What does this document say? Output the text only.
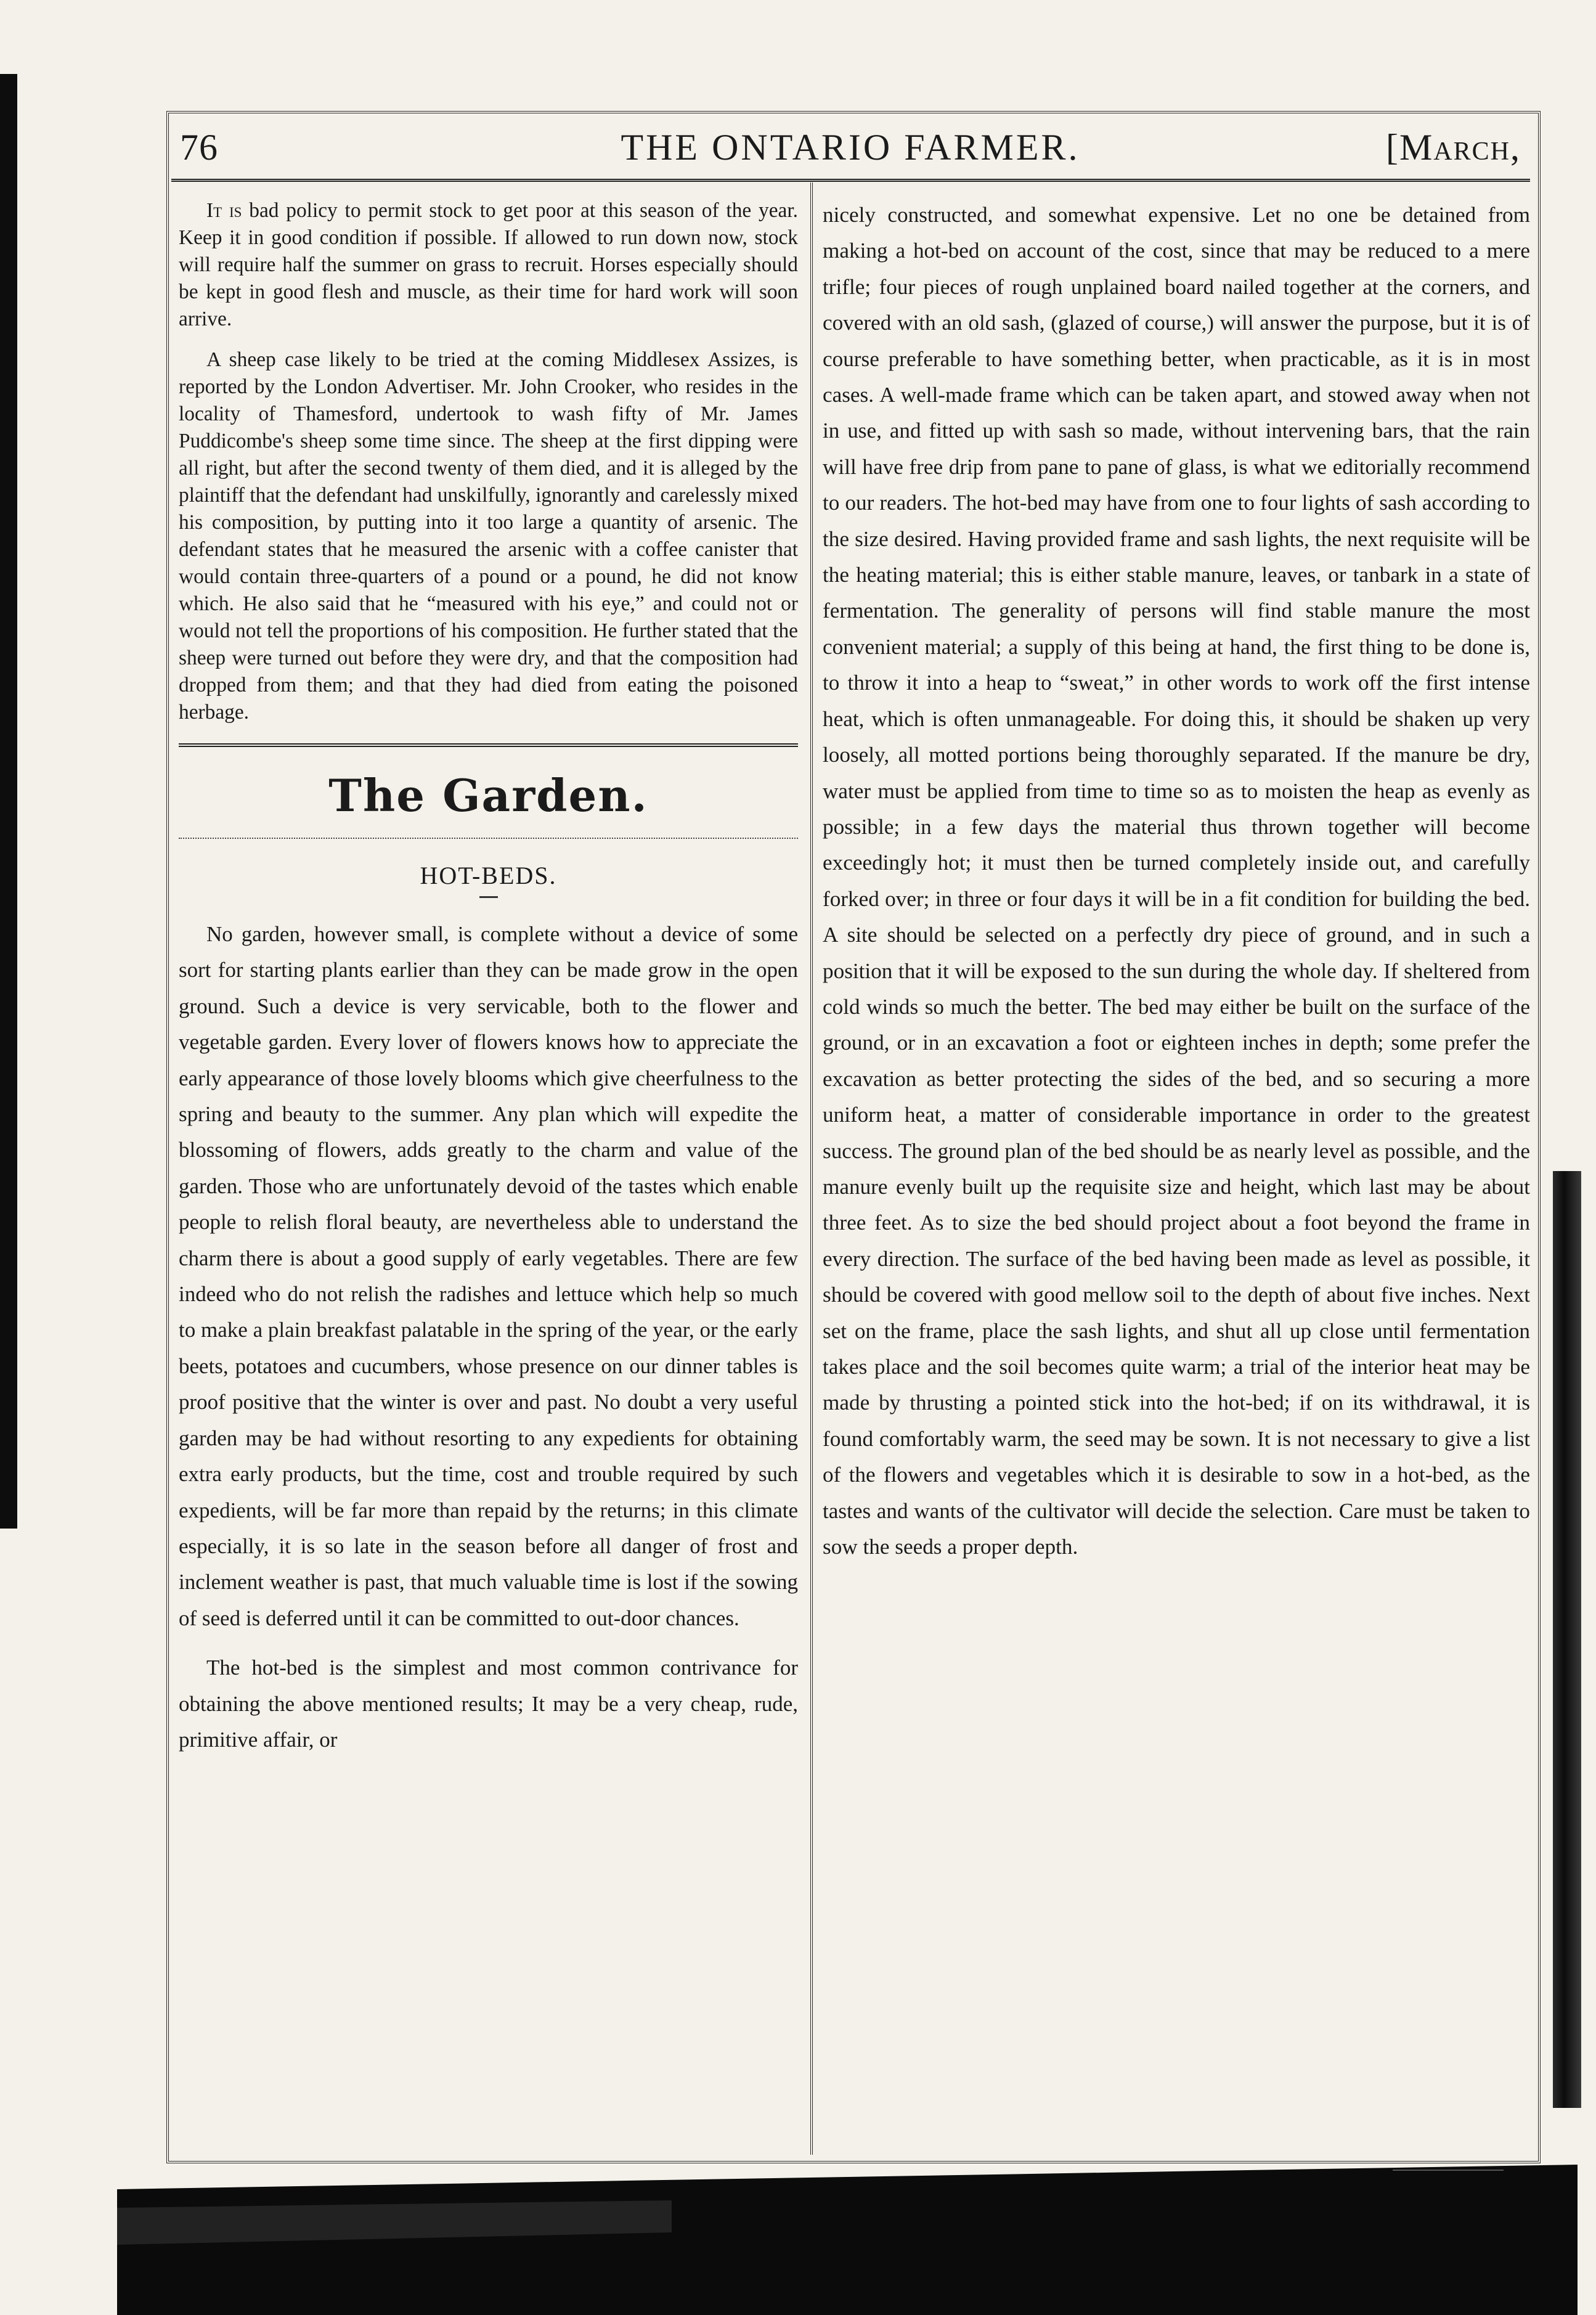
76	THE ONTARIO FARMER.	[March,

It is bad policy to permit stock to get poor at this season of the year. Keep it in good condition if possible. If allowed to run down now, stock will require half the summer on grass to recruit. Horses especially should be kept in good flesh and muscle, as their time for hard work will soon arrive.

A sheep case likely to be tried at the coming Middlesex Assizes, is reported by the London Advertiser. Mr. John Crooker, who resides in the locality of Thamesford, undertook to wash fifty of Mr. James Puddicombe's sheep some time since. The sheep at the first dipping were all right, but after the second twenty of them died, and it is alleged by the plaintiff that the defendant had unskilfully, ignorantly and carelessly mixed his composition, by putting into it too large a quantity of arsenic. The defendant states that he measured the arsenic with a coffee canister that would contain three-quarters of a pound or a pound, he did not know which. He also said that he “measured with his eye,” and could not or would not tell the proportions of his composition. He further stated that the sheep were turned out before they were dry, and that the composition had dropped from them; and that they had died from eating the poisoned herbage.

The Garden.
HOT-BEDS.

No garden, however small, is complete without a device of some sort for starting plants earlier than they can be made grow in the open ground. Such a device is very servicable, both to the flower and vegetable garden. Every lover of flowers knows how to appreciate the early appearance of those lovely blooms which give cheerfulness to the spring and beauty to the summer. Any plan which will expedite the blossoming of flowers, adds greatly to the charm and value of the garden. Those who are unfortunately devoid of the tastes which enable people to relish floral beauty, are nevertheless able to understand the charm there is about a good supply of early vegetables. There are few indeed who do not relish the radishes and lettuce which help so much to make a plain breakfast palatable in the spring of the year, or the early beets, potatoes and cucumbers, whose presence on our dinner tables is proof positive that the winter is over and past. No doubt a very useful garden may be had without resorting to any expedients for obtaining extra early products, but the time, cost and trouble required by such expedients, will be far more than repaid by the returns; in this climate especially, it is so late in the season before all danger of frost and inclement weather is past, that much valuable time is lost if the sowing of seed is deferred until it can be committed to out-door chances.

The hot-bed is the simplest and most common contrivance for obtaining the above mentioned results; It may be a very cheap, rude, primitive affair, or

nicely constructed, and somewhat expensive. Let no one be detained from making a hot-bed on account of the cost, since that may be reduced to a mere trifle; four pieces of rough unplained board nailed together at the corners, and covered with an old sash, (glazed of course,) will answer the purpose, but it is of course preferable to have something better, when practicable, as it is in most cases. A well-made frame which can be taken apart, and stowed away when not in use, and fitted up with sash so made, without intervening bars, that the rain will have free drip from pane to pane of glass, is what we editorially recommend to our readers. The hot-bed may have from one to four lights of sash according to the size desired. Having provided frame and sash lights, the next requisite will be the heating material; this is either stable manure, leaves, or tanbark in a state of fermentation. The generality of persons will find stable manure the most convenient material; a supply of this being at hand, the first thing to be done is, to throw it into a heap to “sweat,” in other words to work off the first intense heat, which is often unmanageable. For doing this, it should be shaken up very loosely, all motted portions being thoroughly separated. If the manure be dry, water must be applied from time to time so as to moisten the heap as evenly as possible; in a few days the material thus thrown together will become exceedingly hot; it must then be turned completely inside out, and carefully forked over; in three or four days it will be in a fit condition for building the bed. A site should be selected on a perfectly dry piece of ground, and in such a position that it will be exposed to the sun during the whole day. If sheltered from cold winds so much the better. The bed may either be built on the surface of the ground, or in an excavation a foot or eighteen inches in depth; some prefer the excavation as better protecting the sides of the bed, and so securing a more uniform heat, a matter of considerable importance in order to the greatest success. The ground plan of the bed should be as nearly level as possible, and the manure evenly built up the requisite size and height, which last may be about three feet. As to size the bed should project about a foot beyond the frame in every direction. The surface of the bed having been made as level as possible, it should be covered with good mellow soil to the depth of about five inches. Next set on the frame, place the sash lights, and shut all up close until fermentation takes place and the soil becomes quite warm; a trial of the interior heat may be made by thrusting a pointed stick into the hot-bed; if on its withdrawal, it is found comfortably warm, the seed may be sown. It is not necessary to give a list of the flowers and vegetables which it is desirable to sow in a hot-bed, as the tastes and wants of the cultivator will decide the selection. Care must be taken to sow the seeds a proper depth.
